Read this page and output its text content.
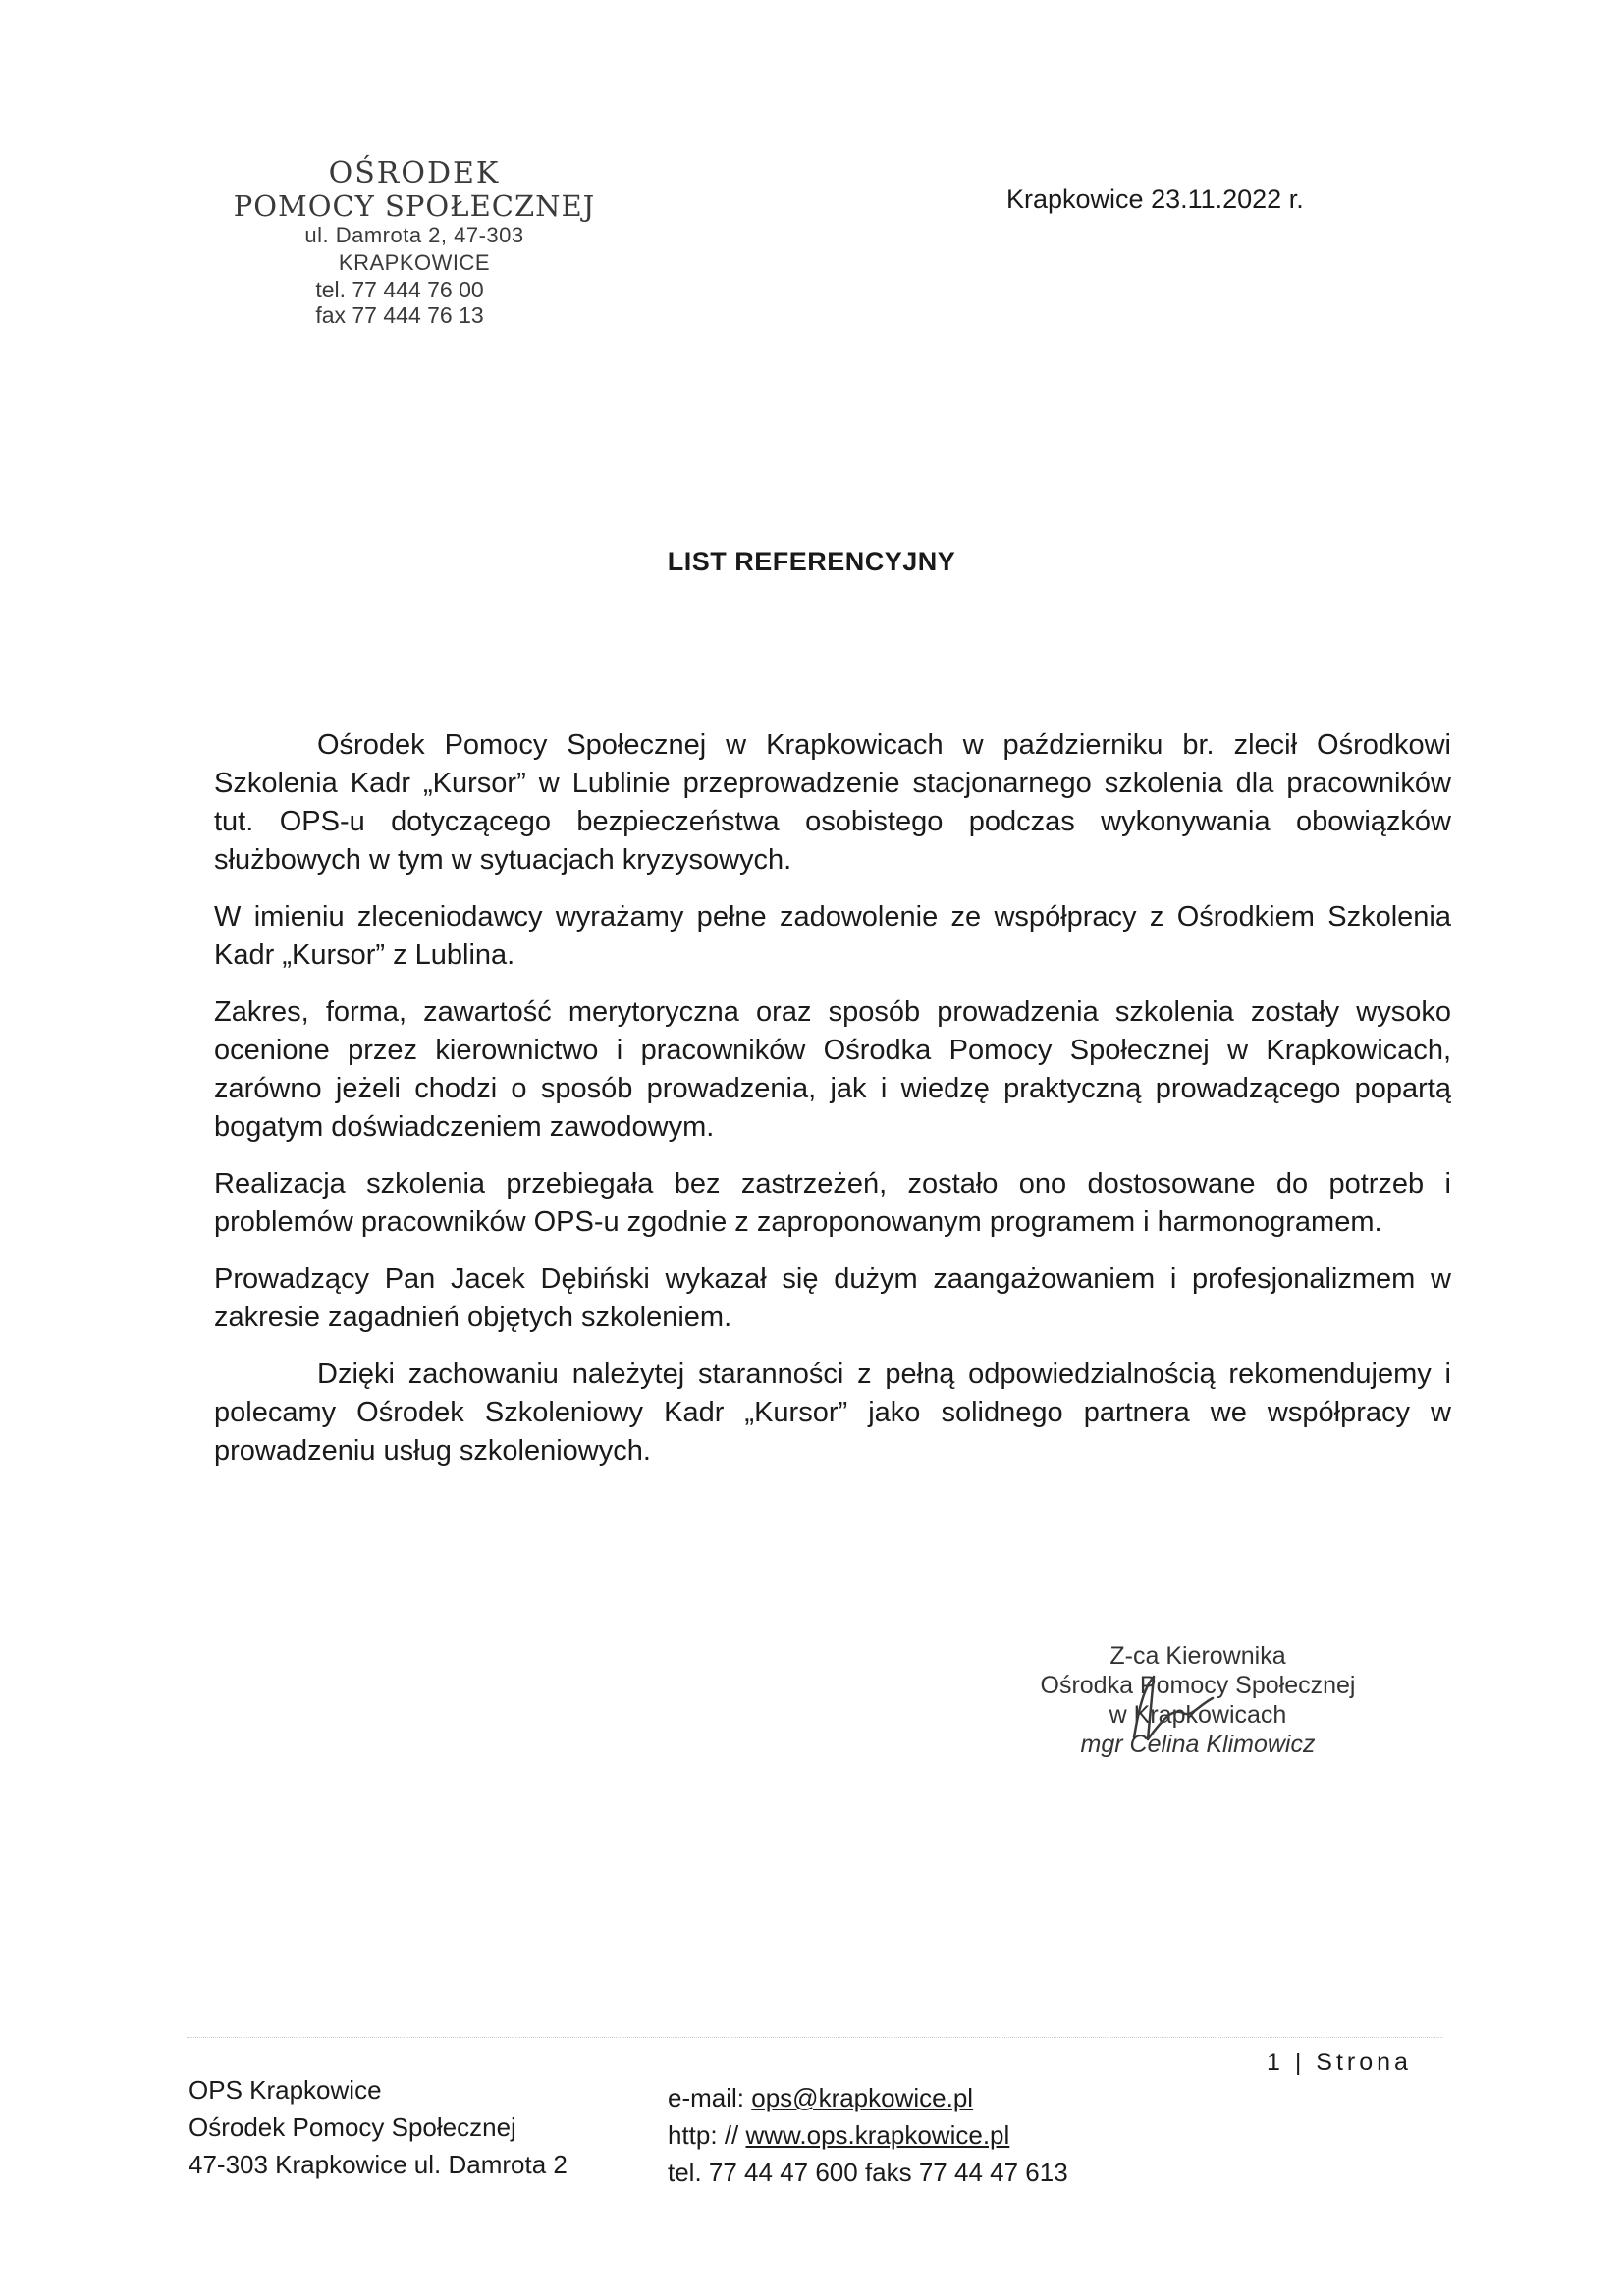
OŚRODEK
POMOCY SPOŁECZNEJ
ul. Damrota 2, 47-303 KRAPKOWICE
tel. 77 444 76 00
fax 77 444 76 13
Krapkowice 23.11.2022 r.
LIST REFERENCYJNY

Ośrodek Pomocy Społecznej w Krapkowicach w październiku br. zlecił Ośrodkowi Szkolenia Kadr „Kursor” w Lublinie przeprowadzenie stacjonarnego szkolenia dla pracowników tut. OPS-u dotyczącego bezpieczeństwa osobistego podczas wykonywania obowiązków służbowych w tym w sytuacjach kryzysowych.

W imieniu zleceniodawcy wyrażamy pełne zadowolenie ze współpracy z Ośrodkiem Szkolenia Kadr „Kursor” z Lublina.

Zakres, forma, zawartość merytoryczna oraz sposób prowadzenia szkolenia zostały wysoko ocenione przez kierownictwo i pracowników Ośrodka Pomocy Społecznej w Krapkowicach, zarówno jeżeli chodzi o sposób prowadzenia, jak i wiedzę praktyczną prowadzącego popartą bogatym doświadczeniem zawodowym.

Realizacja szkolenia przebiegała bez zastrzeżeń, zostało ono dostosowane do potrzeb i problemów pracowników OPS-u zgodnie z zaproponowanym programem i harmonogramem.

Prowadzący Pan Jacek Dębiński wykazał się dużym zaangażowaniem i profesjonalizmem w zakresie zagadnień objętych szkoleniem.

Dzięki zachowaniu należytej staranności z pełną odpowiedzialnością rekomendujemy i polecamy Ośrodek Szkoleniowy Kadr „Kursor” jako solidnego partnera we współpracy w prowadzeniu usług szkoleniowych.

Z-ca Kierownika
Ośrodka Pomocy Społecznej
w Krapkowicach
mgr Celina Klimowicz
1 | Strona
OPS Krapkowice
Ośrodek Pomocy Społecznej
47-303 Krapkowice ul. Damrota 2
e-mail: ops@krapkowice.pl
http: // www.ops.krapkowice.pl
tel. 77 44 47 600 faks 77 44 47 613
